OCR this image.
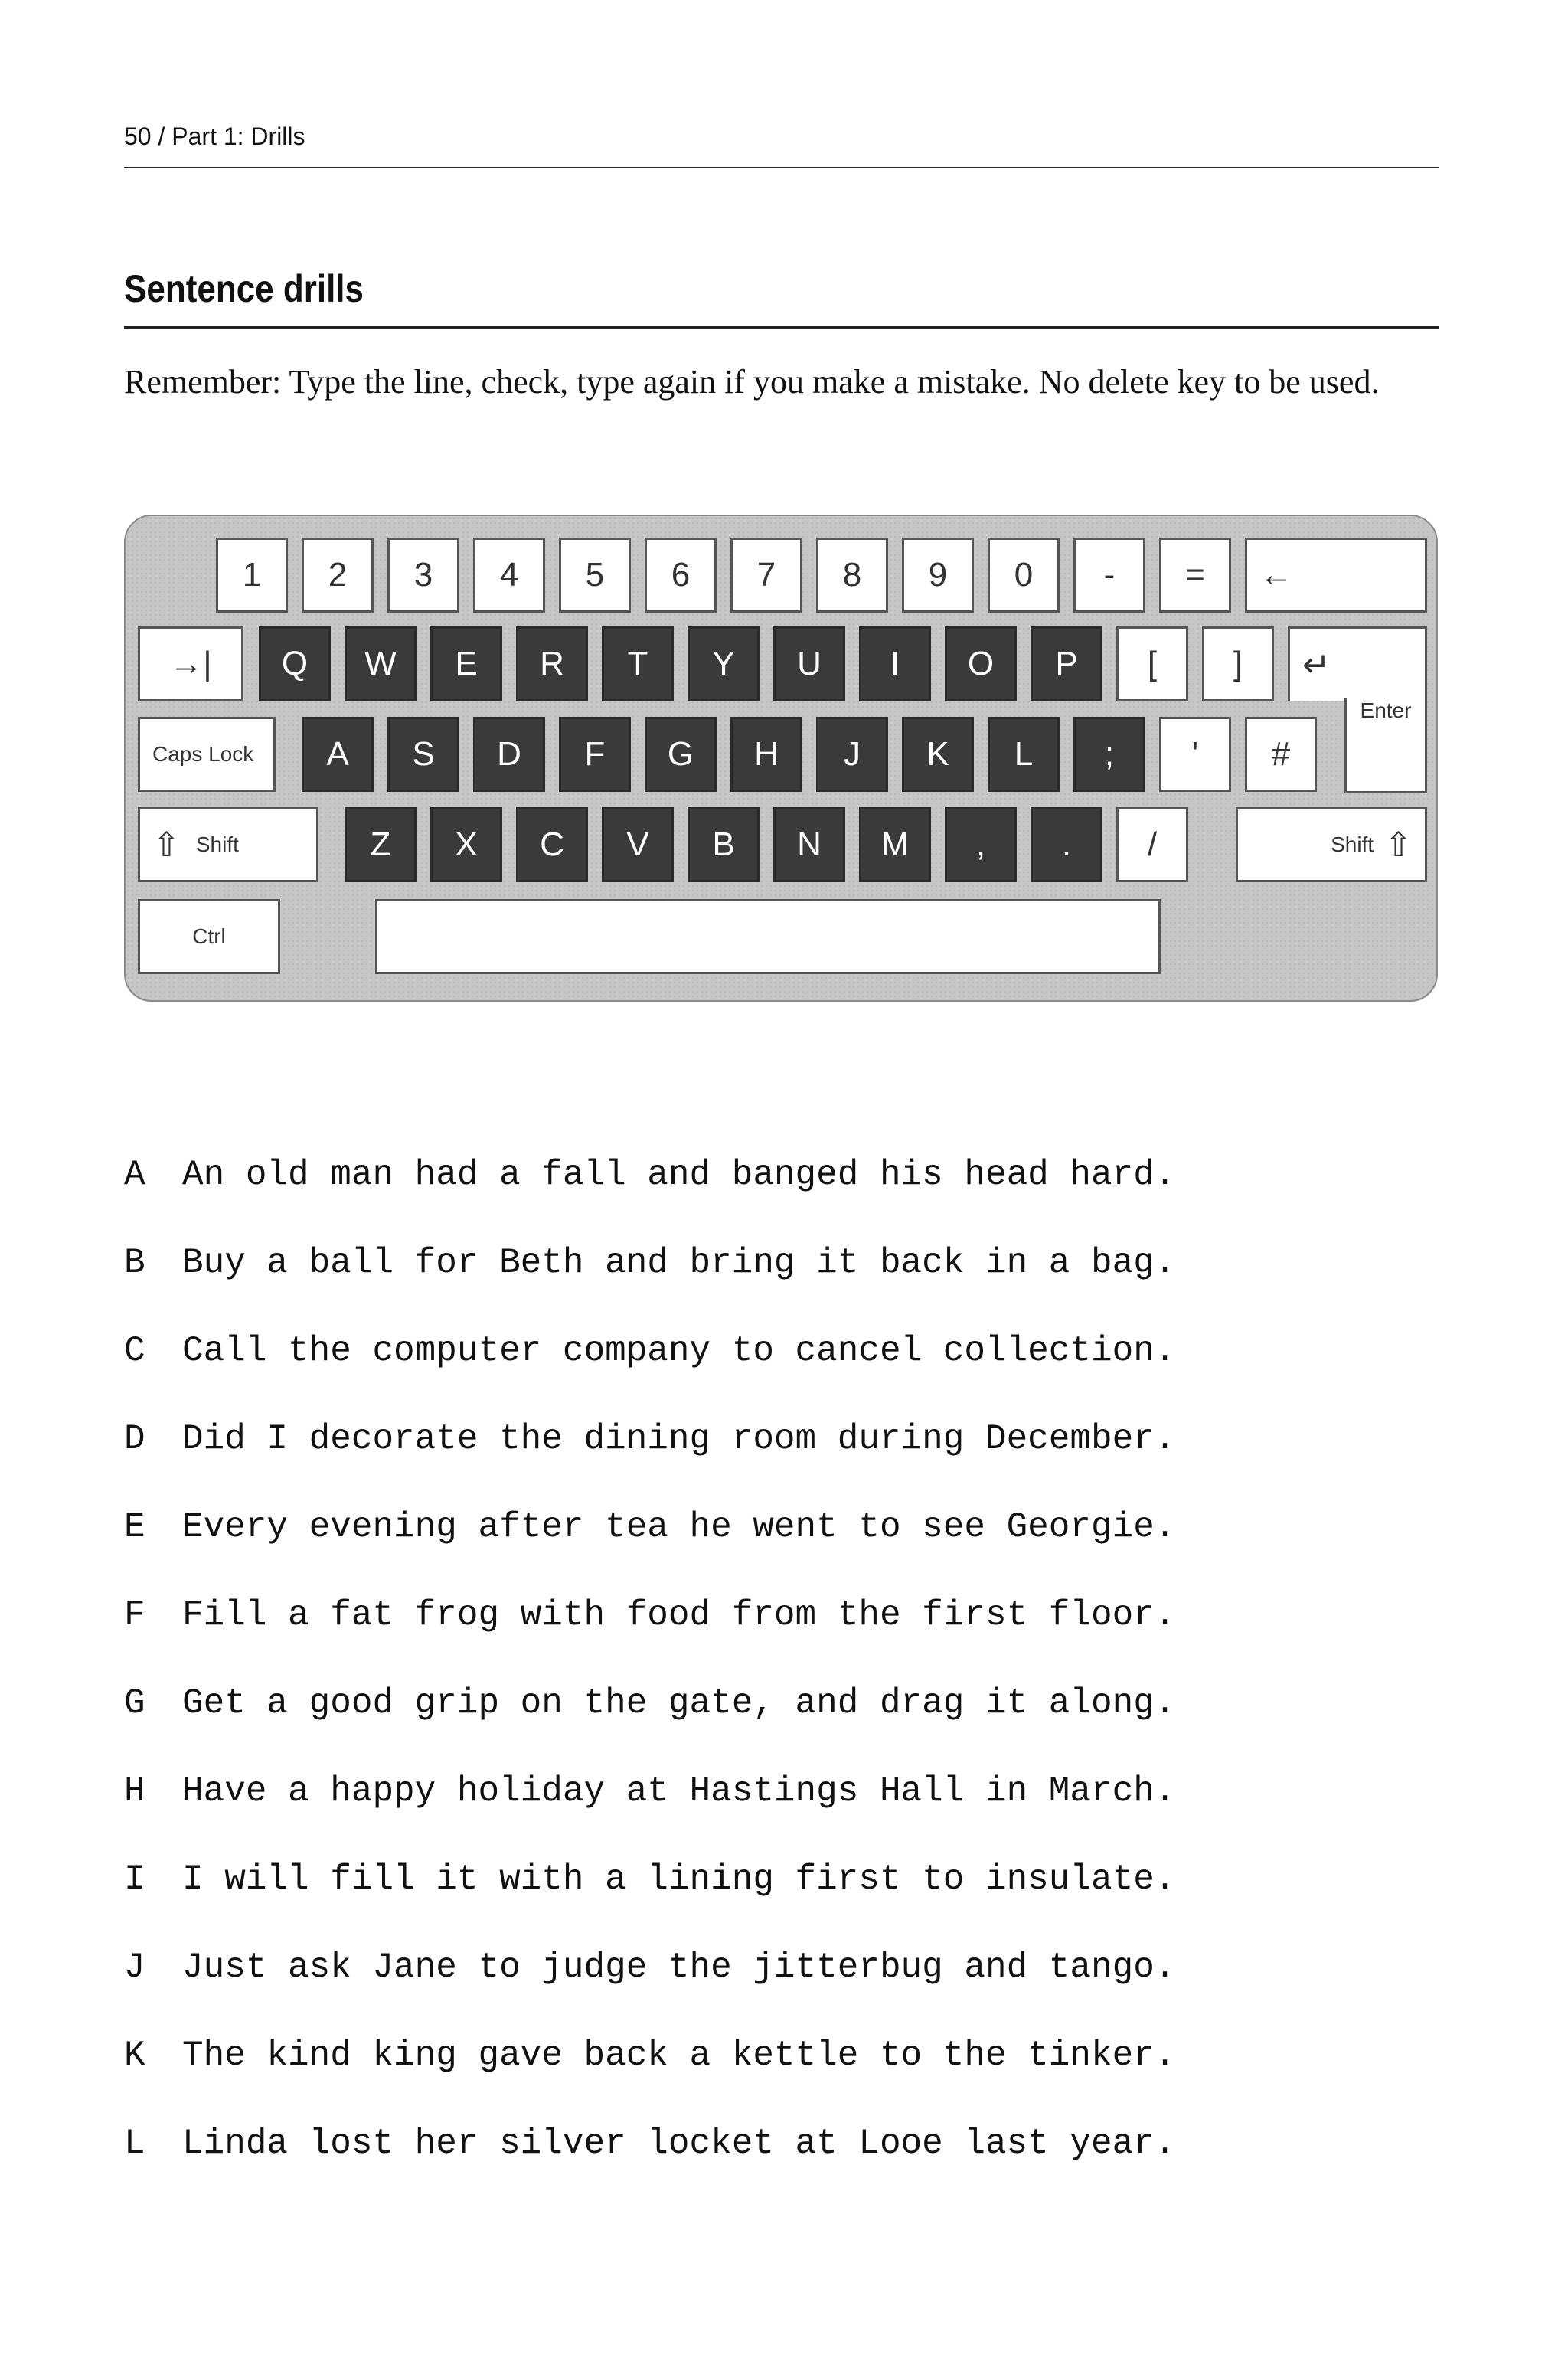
50 / Part 1: Drills
Sentence drills
Remember: Type the line, check, type again if you make a mistake. No delete key to be used.
1	2	3	4	5	6	7	8	9	0	-	=	←
→|	Q	W	E	R	T	Y	U	I	O	P	[	]	↵
Enter
Caps Lock	A	S	D	F	G	H	J	K	L	;	'	#
⇧ Shift	Z	X	C	V	B	N	M	,	.	/	Shift ⇧
Ctrl
A	An old man had a fall and banged his head hard.
B	Buy a ball for Beth and bring it back in a bag.
C	Call the computer company to cancel collection.
D	Did I decorate the dining room during December.
E	Every evening after tea he went to see Georgie.
F	Fill a fat frog with food from the first floor.
G	Get a good grip on the gate, and drag it along.
H	Have a happy holiday at Hastings Hall in March.
I	I will fill it with a lining first to insulate.
J	Just ask Jane to judge the jitterbug and tango.
K	The kind king gave back a kettle to the tinker.
L	Linda lost her silver locket at Looe last year.
